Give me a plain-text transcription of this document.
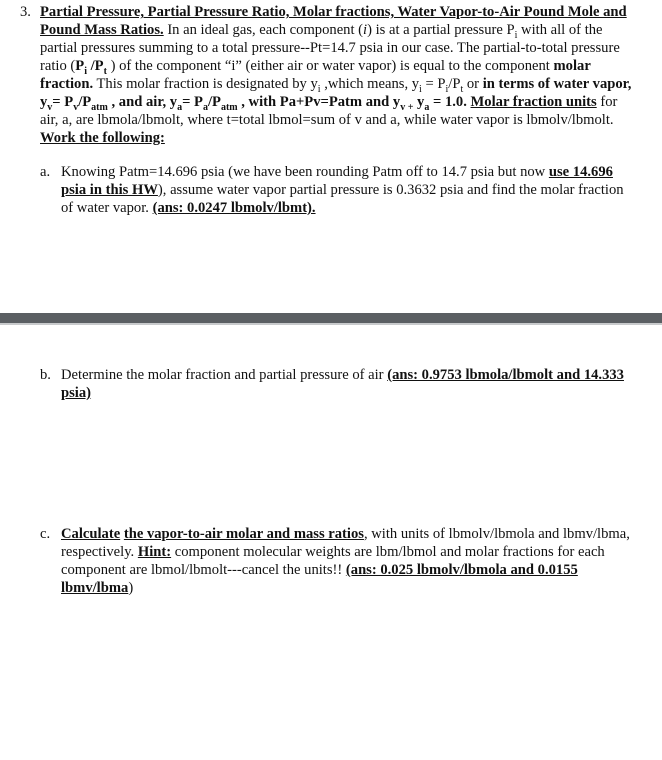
3. Partial Pressure, Partial Pressure Ratio, Molar fractions, Water Vapor-to-Air Pound Mole and Pound Mass Ratios. In an ideal gas, each component (i) is at a partial pressure $P_i$ with all of the partial pressures summing to a total pressure--Pt=14.7 psia in our case. The partial-to-total pressure ratio ($P_i$ $/P_t$ ) of the component “i” (either air or water vapor) is equal to the component molar fraction. This molar fraction is designated by $y_i$ ,which means, $y_i = P_i/P_t$ or in terms of water vapor, $y_v= P_v/P_{atm}$ , and air, $y_a= P_a/P_{atm}$ , with Pa+Pv=Patm and $y_{v +}$ $y_a = 1.0$. Molar fraction units for air, a, are lbmola/lbmolt, where t=total lbmol=sum of v and a, while water vapor is lbmolv/lbmolt. Work the following:
a. Knowing Patm=14.696 psia (we have been rounding Patm off to 14.7 psia but now use 14.696 psia in this HW), assume water vapor partial pressure is 0.3632 psia and find the molar fraction of water vapor. (ans: 0.0247 lbmolv/lbmt).
b. Determine the molar fraction and partial pressure of air (ans: 0.9753 lbmola/lbmolt and 14.333 psia)
c. Calculate the vapor-to-air molar and mass ratios, with units of lbmolv/lbmola and lbmv/lbma, respectively. Hint: component molecular weights are lbm/lbmol and molar fractions for each component are lbmol/lbmolt---cancel the units!! (ans: 0.025 lbmolv/lbmola and 0.0155 lbmv/lbma)
